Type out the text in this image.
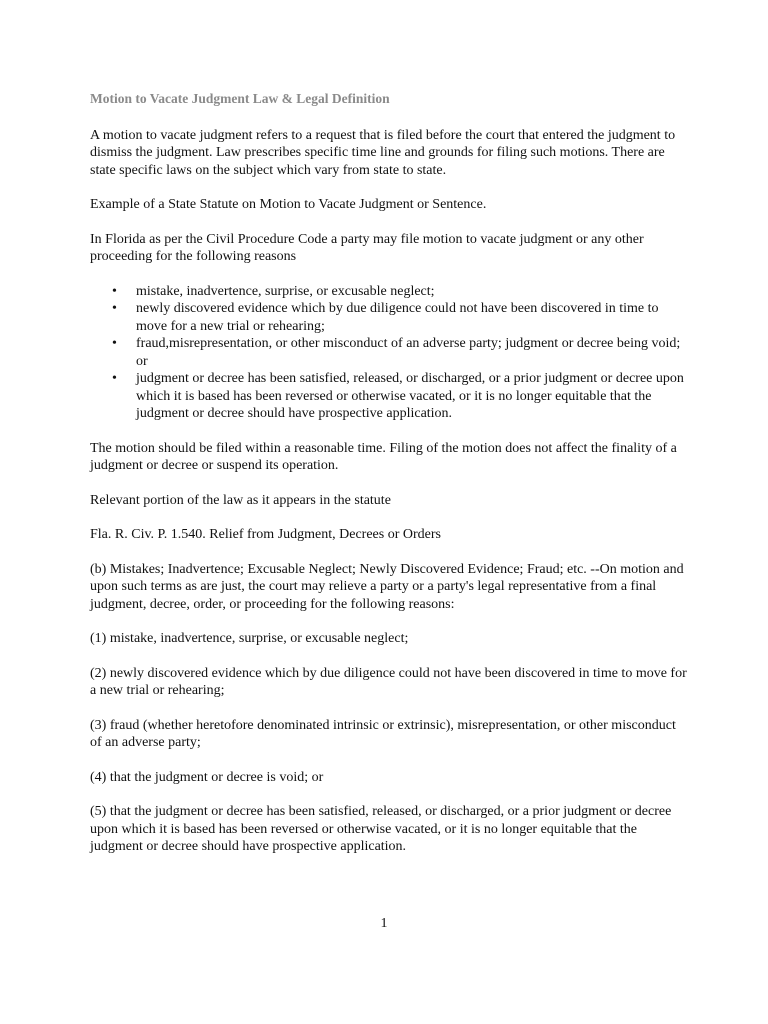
Motion to Vacate Judgment Law & Legal Definition

A motion to vacate judgment refers to a request that is filed before the court that entered the judgment to dismiss the judgment. Law prescribes specific time line and grounds for filing such motions. There are state specific laws on the subject which vary from state to state.

Example of a State Statute on Motion to Vacate Judgment or Sentence.

In Florida as per the Civil Procedure Code a party may file motion to vacate judgment or any other proceeding for the following reasons

• mistake, inadvertence, surprise, or excusable neglect;
• newly discovered evidence which by due diligence could not have been discovered in time to move for a new trial or rehearing;
• fraud,misrepresentation, or other misconduct of an adverse party; judgment or decree being void; or
• judgment or decree has been satisfied, released, or discharged, or a prior judgment or decree upon which it is based has been reversed or otherwise vacated, or it is no longer equitable that the judgment or decree should have prospective application.

The motion should be filed within a reasonable time. Filing of the motion does not affect the finality of a judgment or decree or suspend its operation.

Relevant portion of the law as it appears in the statute

Fla. R. Civ. P. 1.540. Relief from Judgment, Decrees or Orders

(b) Mistakes; Inadvertence; Excusable Neglect; Newly Discovered Evidence; Fraud; etc. --On motion and upon such terms as are just, the court may relieve a party or a party's legal representative from a final judgment, decree, order, or proceeding for the following reasons:

(1) mistake, inadvertence, surprise, or excusable neglect;

(2) newly discovered evidence which by due diligence could not have been discovered in time to move for a new trial or rehearing;

(3) fraud (whether heretofore denominated intrinsic or extrinsic), misrepresentation, or other misconduct of an adverse party;

(4) that the judgment or decree is void; or

(5) that the judgment or decree has been satisfied, released, or discharged, or a prior judgment or decree upon which it is based has been reversed or otherwise vacated, or it is no longer equitable that the judgment or decree should have prospective application.

1
